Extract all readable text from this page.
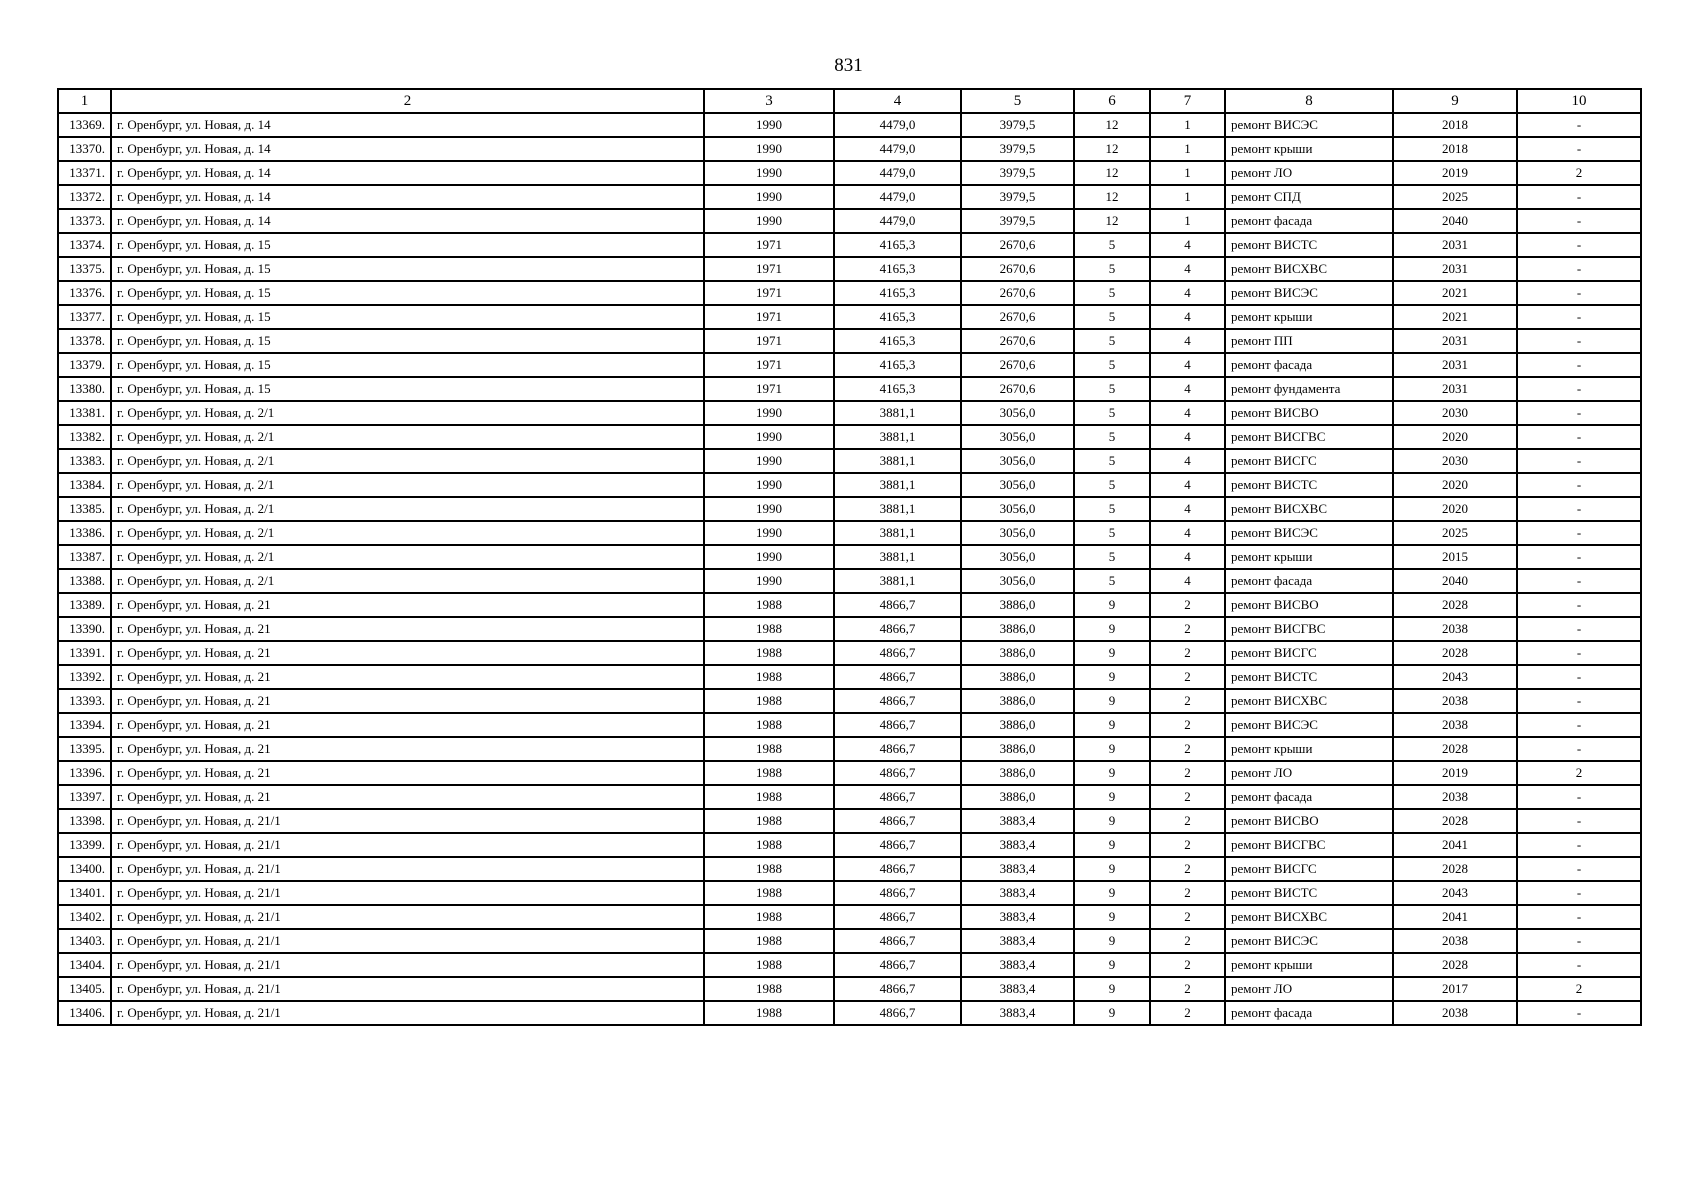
831
1	2	3	4	5	6	7	8	9	10
13369.	г. Оренбург, ул. Новая, д. 14	1990	4479,0	3979,5	12	1	ремонт ВИСЭС	2018	-
13370.	г. Оренбург, ул. Новая, д. 14	1990	4479,0	3979,5	12	1	ремонт крыши	2018	-
13371.	г. Оренбург, ул. Новая, д. 14	1990	4479,0	3979,5	12	1	ремонт ЛО	2019	2
13372.	г. Оренбург, ул. Новая, д. 14	1990	4479,0	3979,5	12	1	ремонт СПД	2025	-
13373.	г. Оренбург, ул. Новая, д. 14	1990	4479,0	3979,5	12	1	ремонт фасада	2040	-
13374.	г. Оренбург, ул. Новая, д. 15	1971	4165,3	2670,6	5	4	ремонт ВИСТС	2031	-
13375.	г. Оренбург, ул. Новая, д. 15	1971	4165,3	2670,6	5	4	ремонт ВИСХВС	2031	-
13376.	г. Оренбург, ул. Новая, д. 15	1971	4165,3	2670,6	5	4	ремонт ВИСЭС	2021	-
13377.	г. Оренбург, ул. Новая, д. 15	1971	4165,3	2670,6	5	4	ремонт крыши	2021	-
13378.	г. Оренбург, ул. Новая, д. 15	1971	4165,3	2670,6	5	4	ремонт ПП	2031	-
13379.	г. Оренбург, ул. Новая, д. 15	1971	4165,3	2670,6	5	4	ремонт фасада	2031	-
13380.	г. Оренбург, ул. Новая, д. 15	1971	4165,3	2670,6	5	4	ремонт фундамента	2031	-
13381.	г. Оренбург, ул. Новая, д. 2/1	1990	3881,1	3056,0	5	4	ремонт ВИСВО	2030	-
13382.	г. Оренбург, ул. Новая, д. 2/1	1990	3881,1	3056,0	5	4	ремонт ВИСГВС	2020	-
13383.	г. Оренбург, ул. Новая, д. 2/1	1990	3881,1	3056,0	5	4	ремонт ВИСГС	2030	-
13384.	г. Оренбург, ул. Новая, д. 2/1	1990	3881,1	3056,0	5	4	ремонт ВИСТС	2020	-
13385.	г. Оренбург, ул. Новая, д. 2/1	1990	3881,1	3056,0	5	4	ремонт ВИСХВС	2020	-
13386.	г. Оренбург, ул. Новая, д. 2/1	1990	3881,1	3056,0	5	4	ремонт ВИСЭС	2025	-
13387.	г. Оренбург, ул. Новая, д. 2/1	1990	3881,1	3056,0	5	4	ремонт крыши	2015	-
13388.	г. Оренбург, ул. Новая, д. 2/1	1990	3881,1	3056,0	5	4	ремонт фасада	2040	-
13389.	г. Оренбург, ул. Новая, д. 21	1988	4866,7	3886,0	9	2	ремонт ВИСВО	2028	-
13390.	г. Оренбург, ул. Новая, д. 21	1988	4866,7	3886,0	9	2	ремонт ВИСГВС	2038	-
13391.	г. Оренбург, ул. Новая, д. 21	1988	4866,7	3886,0	9	2	ремонт ВИСГС	2028	-
13392.	г. Оренбург, ул. Новая, д. 21	1988	4866,7	3886,0	9	2	ремонт ВИСТС	2043	-
13393.	г. Оренбург, ул. Новая, д. 21	1988	4866,7	3886,0	9	2	ремонт ВИСХВС	2038	-
13394.	г. Оренбург, ул. Новая, д. 21	1988	4866,7	3886,0	9	2	ремонт ВИСЭС	2038	-
13395.	г. Оренбург, ул. Новая, д. 21	1988	4866,7	3886,0	9	2	ремонт крыши	2028	-
13396.	г. Оренбург, ул. Новая, д. 21	1988	4866,7	3886,0	9	2	ремонт ЛО	2019	2
13397.	г. Оренбург, ул. Новая, д. 21	1988	4866,7	3886,0	9	2	ремонт фасада	2038	-
13398.	г. Оренбург, ул. Новая, д. 21/1	1988	4866,7	3883,4	9	2	ремонт ВИСВО	2028	-
13399.	г. Оренбург, ул. Новая, д. 21/1	1988	4866,7	3883,4	9	2	ремонт ВИСГВС	2041	-
13400.	г. Оренбург, ул. Новая, д. 21/1	1988	4866,7	3883,4	9	2	ремонт ВИСГС	2028	-
13401.	г. Оренбург, ул. Новая, д. 21/1	1988	4866,7	3883,4	9	2	ремонт ВИСТС	2043	-
13402.	г. Оренбург, ул. Новая, д. 21/1	1988	4866,7	3883,4	9	2	ремонт ВИСХВС	2041	-
13403.	г. Оренбург, ул. Новая, д. 21/1	1988	4866,7	3883,4	9	2	ремонт ВИСЭС	2038	-
13404.	г. Оренбург, ул. Новая, д. 21/1	1988	4866,7	3883,4	9	2	ремонт крыши	2028	-
13405.	г. Оренбург, ул. Новая, д. 21/1	1988	4866,7	3883,4	9	2	ремонт ЛО	2017	2
13406.	г. Оренбург, ул. Новая, д. 21/1	1988	4866,7	3883,4	9	2	ремонт фасада	2038	-
